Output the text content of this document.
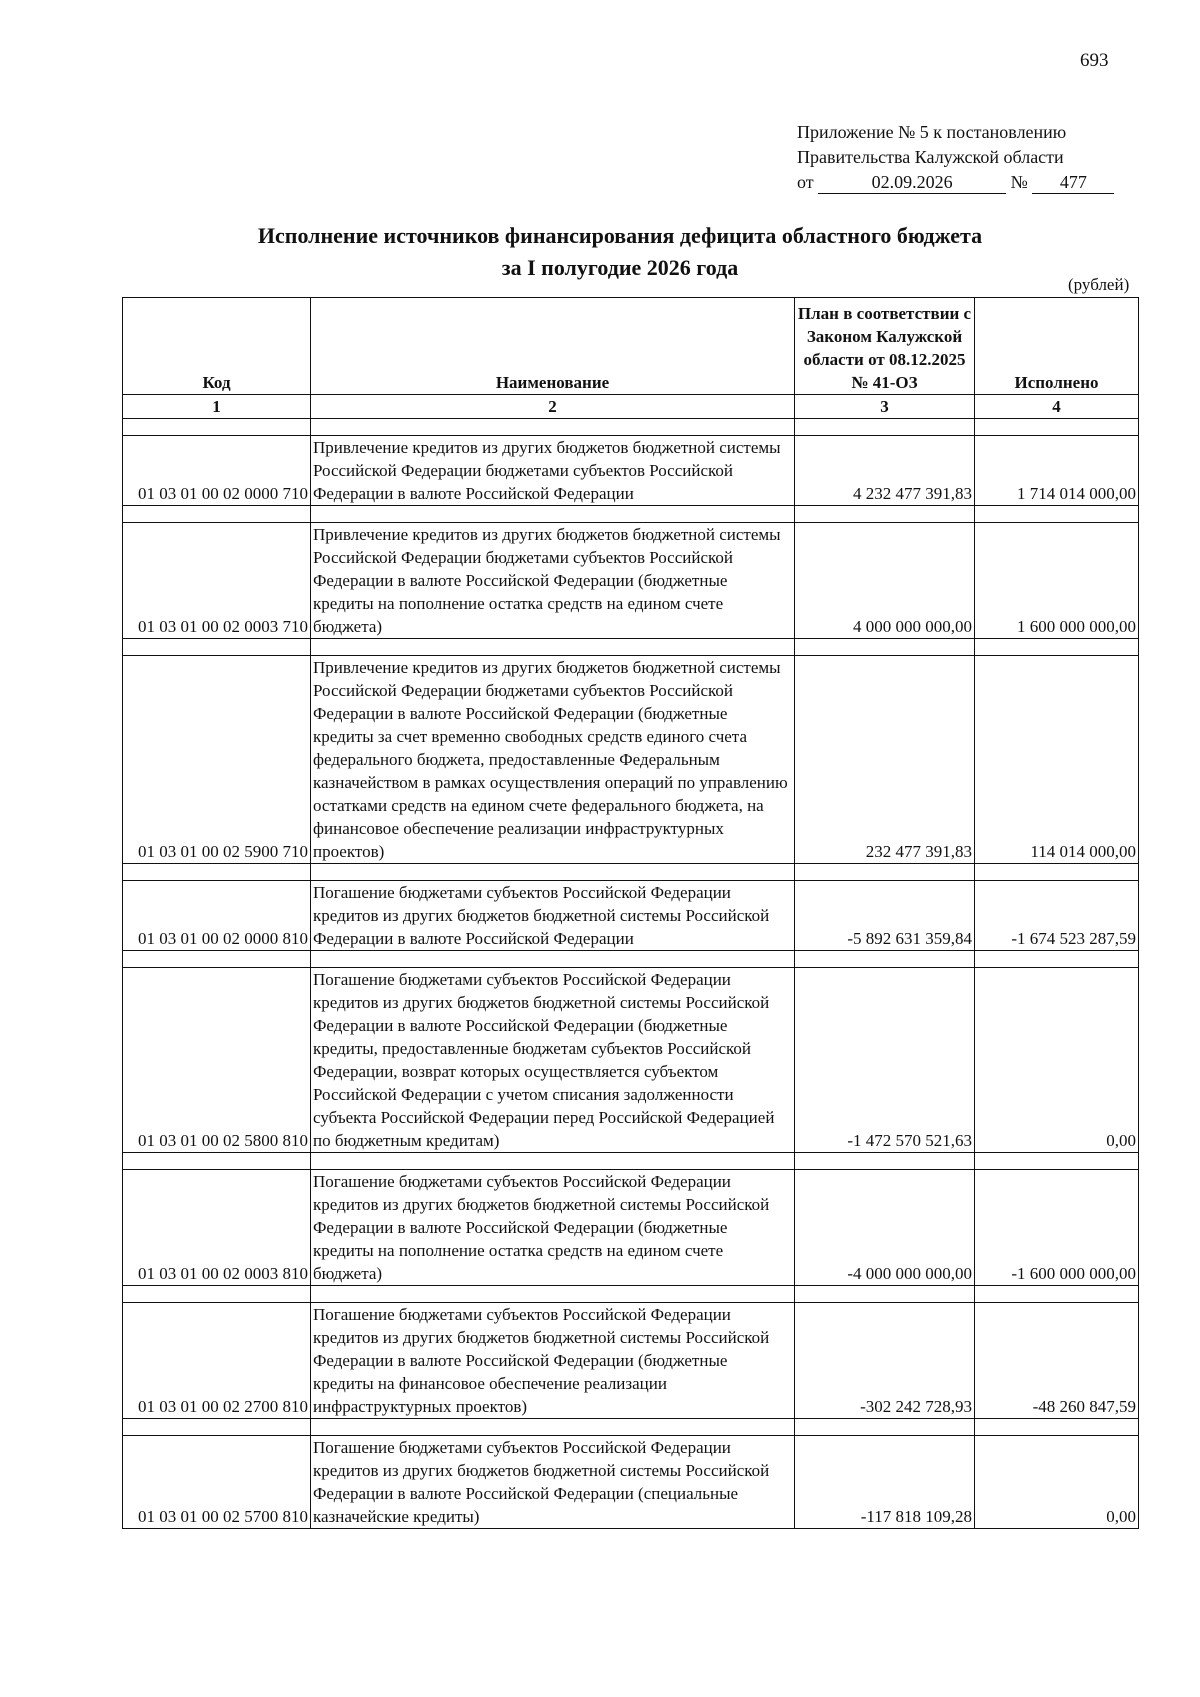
693
Приложение № 5 к постановлению
Правительства Калужской области
от	02.09.2026	№ 477
Исполнение источников финансирования дефицита областного бюджета
за I полугодие 2026 года
(рублей)
Код	Наименование	План в соответствии с Законом Калужской области от 08.12.2025 № 41-ОЗ	Исполнено
1	2	3	4

01 03 01 00 02 0000 710	Привлечение кредитов из других бюджетов бюджетной системы Российской Федерации бюджетами субъектов Российской Федерации в валюте Российской Федерации	4 232 477 391,83	1 714 014 000,00

01 03 01 00 02 0003 710	Привлечение кредитов из других бюджетов бюджетной системы Российской Федерации бюджетами субъектов Российской Федерации в валюте Российской Федерации (бюджетные кредиты на пополнение остатка средств на едином счете бюджета)	4 000 000 000,00	1 600 000 000,00

01 03 01 00 02 5900 710	Привлечение кредитов из других бюджетов бюджетной системы Российской Федерации бюджетами субъектов Российской Федерации в валюте Российской Федерации (бюджетные кредиты за счет временно свободных средств единого счета федерального бюджета, предоставленные Федеральным казначейством в рамках осуществления операций по управлению остатками средств на едином счете федерального бюджета, на финансовое обеспечение реализации инфраструктурных проектов)	232 477 391,83	114 014 000,00

01 03 01 00 02 0000 810	Погашение бюджетами субъектов Российской Федерации кредитов из других бюджетов бюджетной системы Российской Федерации в валюте Российской Федерации	-5 892 631 359,84	-1 674 523 287,59

01 03 01 00 02 5800 810	Погашение бюджетами субъектов Российской Федерации кредитов из других бюджетов бюджетной системы Российской Федерации в валюте Российской Федерации (бюджетные кредиты, предоставленные бюджетам субъектов Российской Федерации, возврат которых осуществляется субъектом Российской Федерации с учетом списания задолженности субъекта Российской Федерации перед Российской Федерацией по бюджетным кредитам)	-1 472 570 521,63	0,00

01 03 01 00 02 0003 810	Погашение бюджетами субъектов Российской Федерации кредитов из других бюджетов бюджетной системы Российской Федерации в валюте Российской Федерации (бюджетные кредиты на пополнение остатка средств на едином счете бюджета)	-4 000 000 000,00	-1 600 000 000,00

01 03 01 00 02 2700 810	Погашение бюджетами субъектов Российской Федерации кредитов из других бюджетов бюджетной системы Российской Федерации в валюте Российской Федерации (бюджетные кредиты на финансовое обеспечение реализации инфраструктурных проектов)	-302 242 728,93	-48 260 847,59

01 03 01 00 02 5700 810	Погашение бюджетами субъектов Российской Федерации кредитов из других бюджетов бюджетной системы Российской Федерации в валюте Российской Федерации (специальные казначейские кредиты)	-117 818 109,28	0,00
